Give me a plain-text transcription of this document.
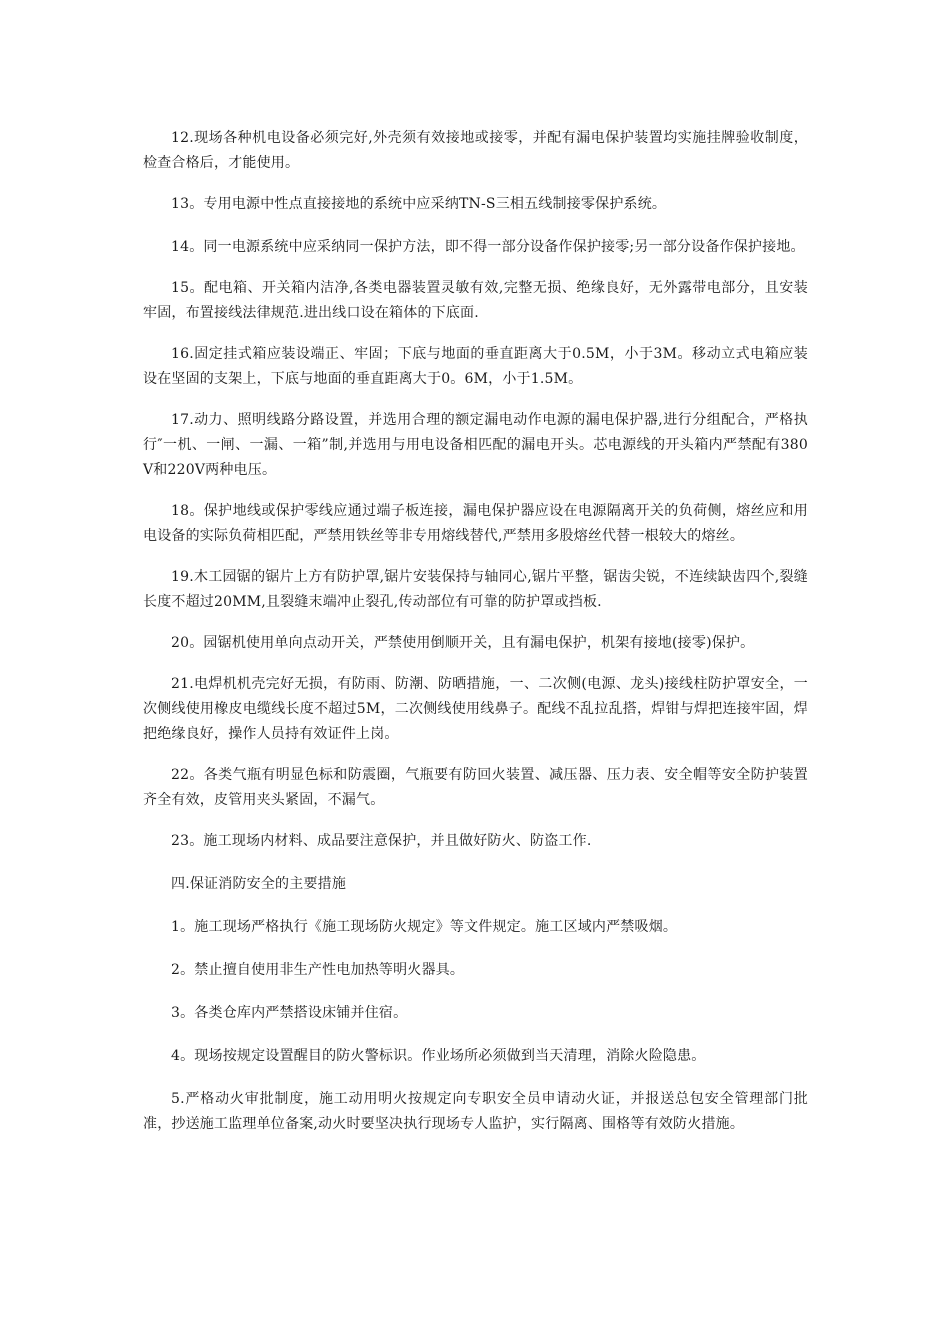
12.现场各种机电设备必须完好,外壳须有效接地或接零，并配有漏电保护装置均实施挂牌验收制度，检查合格后，才能使用。

13。专用电源中性点直接接地的系统中应采纳TN-S三相五线制接零保护系统。

14。同一电源系统中应采纳同一保护方法，即不得一部分设备作保护接零;另一部分设备作保护接地。

15。配电箱、开关箱内洁净,各类电器装置灵敏有效,完整无损、绝缘良好，无外露带电部分，且安装牢固，布置接线法律规范.进出线口设在箱体的下底面.

16.固定挂式箱应装设端正、牢固；下底与地面的垂直距离大于0.5M，小于3M。移动立式电箱应装设在坚固的支架上，下底与地面的垂直距离大于0。6M，小于1.5M。

17.动力、照明线路分路设置，并选用合理的额定漏电动作电源的漏电保护器,进行分组配合，严格执行″一机、一闸、一漏、一箱”制,并选用与用电设备相匹配的漏电开头。芯电源线的开头箱内严禁配有380V和220V两种电压。

18。保护地线或保护零线应通过端子板连接，漏电保护器应设在电源隔离开关的负荷侧，熔丝应和用电设备的实际负荷相匹配，严禁用铁丝等非专用熔线替代,严禁用多股熔丝代替一根较大的熔丝。

19.木工园锯的锯片上方有防护罩,锯片安装保持与轴同心,锯片平整，锯齿尖锐，不连续缺齿四个,裂缝长度不超过20MM,且裂缝末端冲止裂孔,传动部位有可靠的防护罩或挡板.

20。园锯机使用单向点动开关，严禁使用倒顺开关，且有漏电保护，机架有接地(接零)保护。

21.电焊机机壳完好无损，有防雨、防潮、防晒措施，一、二次侧(电源、龙头)接线柱防护罩安全，一次侧线使用橡皮电缆线长度不超过5M，二次侧线使用线鼻子。配线不乱拉乱搭，焊钳与焊把连接牢固，焊把绝缘良好，操作人员持有效证件上岗。

22。各类气瓶有明显色标和防震圈，气瓶要有防回火装置、减压器、压力表、安全帽等安全防护装置齐全有效，皮管用夹头紧固，不漏气。

23。施工现场内材料、成品要注意保护，并且做好防火、防盗工作.

四.保证消防安全的主要措施

1。施工现场严格执行《施工现场防火规定》等文件规定。施工区域内严禁吸烟。

2。禁止擅自使用非生产性电加热等明火器具。

3。各类仓库内严禁搭设床铺并住宿。

4。现场按规定设置醒目的防火警标识。作业场所必须做到当天清理，消除火险隐患。

5.严格动火审批制度，施工动用明火按规定向专职安全员申请动火证，并报送总包安全管理部门批准，抄送施工监理单位备案,动火时要坚决执行现场专人监护，实行隔离、围格等有效防火措施。
